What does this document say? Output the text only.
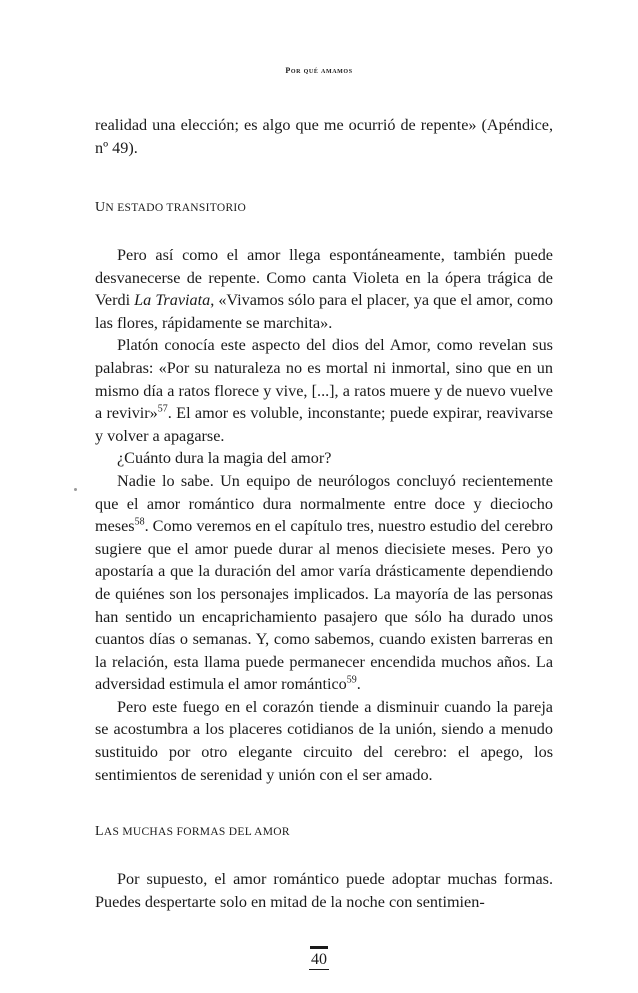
Por qué amamos

realidad una elección; es algo que me ocurrió de repente» (Apéndice, nº 49).

UN ESTADO TRANSITORIO

Pero así como el amor llega espontáneamente, también puede desvanecerse de repente. Como canta Violeta en la ópera trágica de Verdi La Traviata, «Vivamos sólo para el placer, ya que el amor, como las flores, rápidamente se marchita».

Platón conocía este aspecto del dios del Amor, como revelan sus palabras: «Por su naturaleza no es mortal ni inmortal, sino que en un mismo día a ratos florece y vive, [...], a ratos muere y de nuevo vuelve a revivir»$^{57}$. El amor es voluble, inconstante; puede expirar, reavivarse y volver a apagarse.

¿Cuánto dura la magia del amor?

Nadie lo sabe. Un equipo de neurólogos concluyó recientemente que el amor romántico dura normalmente entre doce y dieciocho meses$^{58}$. Como veremos en el capítulo tres, nuestro estudio del cerebro sugiere que el amor puede durar al menos diecisiete meses. Pero yo apostaría a que la duración del amor varía drásticamente dependiendo de quiénes son los personajes implicados. La mayoría de las personas han sentido un encaprichamiento pasajero que sólo ha durado unos cuantos días o semanas. Y, como sabemos, cuando existen barreras en la relación, esta llama puede permanecer encendida muchos años. La adversidad estimula el amor romántico$^{59}$.

Pero este fuego en el corazón tiende a disminuir cuando la pareja se acostumbra a los placeres cotidianos de la unión, siendo a menudo sustituido por otro elegante circuito del cerebro: el apego, los sentimientos de serenidad y unión con el ser amado.

LAS MUCHAS FORMAS DEL AMOR

Por supuesto, el amor romántico puede adoptar muchas formas. Puedes despertarte solo en mitad de la noche con sentimien-

40
